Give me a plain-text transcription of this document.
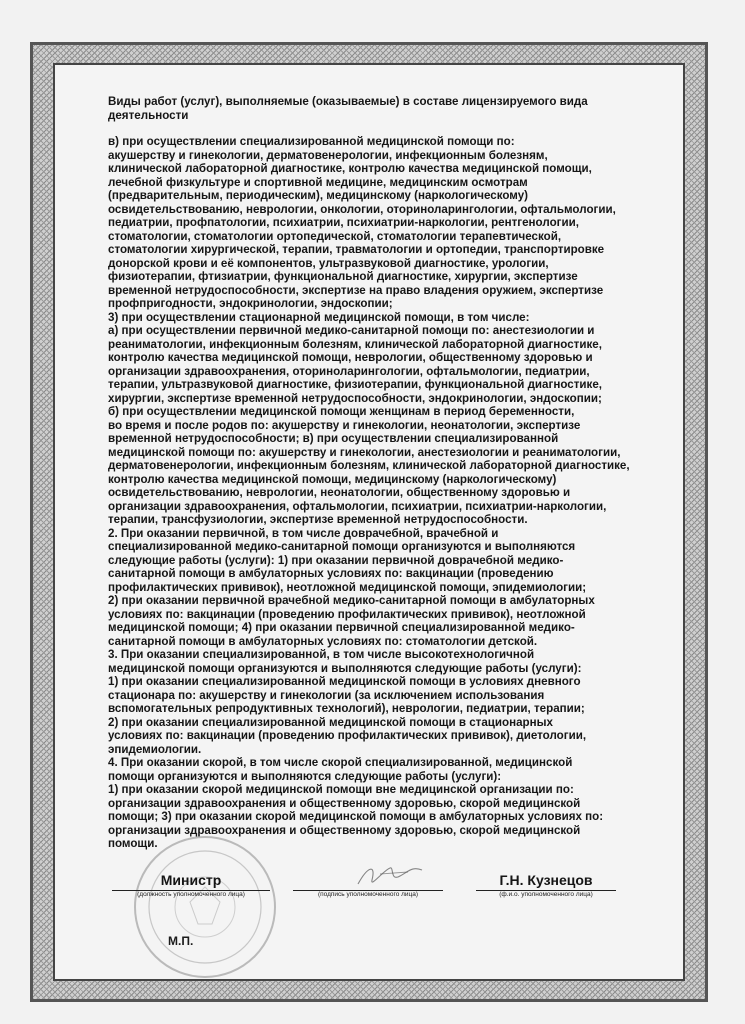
Виды работ (услуг), выполняемые (оказываемые) в составе лицензируемого вида
деятельности
в) при осуществлении специализированной медицинской помощи по:
акушерству и гинекологии, дерматовенерологии, инфекционным болезням,
клинической лабораторной диагностике, контролю качества медицинской помощи,
лечебной физкультуре и спортивной медицине, медицинским осмотрам
(предварительным, периодическим), медицинскому (наркологическому)
освидетельствованию, неврологии, онкологии, оториноларингологии, офтальмологии,
педиатрии, профпатологии, психиатрии, психиатрии-наркологии, рентгенологии,
стоматологии, стоматологии ортопедической, стоматологии терапевтической,
стоматологии хирургической, терапии, травматологии и ортопедии, транспортировке
донорской крови и её компонентов, ультразвуковой диагностике, урологии,
физиотерапии, фтизиатрии, функциональной диагностике, хирургии, экспертизе
временной нетрудоспособности, экспертизе на право владения оружием, экспертизе
профпригодности, эндокринологии, эндоскопии;
3) при осуществлении стационарной медицинской помощи, в том числе:
а) при осуществлении первичной медико-санитарной помощи по: анестезиологии и
реаниматологии, инфекционным болезням, клинической лабораторной диагностике,
контролю качества медицинской помощи, неврологии, общественному здоровью и
организации здравоохранения, оториноларингологии, офтальмологии, педиатрии,
терапии, ультразвуковой диагностике, физиотерапии, функциональной диагностике,
хирургии, экспертизе временной нетрудоспособности, эндокринологии, эндоскопии;
б) при осуществлении медицинской помощи женщинам в период беременности,
во время и после родов по: акушерству и гинекологии, неонатологии, экспертизе
временной нетрудоспособности; в) при осуществлении специализированной
медицинской помощи по: акушерству и гинекологии, анестезиологии и реаниматологии,
дерматовенерологии, инфекционным болезням, клинической лабораторной диагностике,
контролю качества медицинской помощи, медицинскому (наркологическому)
освидетельствованию, неврологии, неонатологии, общественному здоровью и
организации здравоохранения, офтальмологии, психиатрии, психиатрии-наркологии,
терапии, трансфузиологии, экспертизе временной нетрудоспособности.
2. При оказании первичной, в том числе доврачебной, врачебной и
специализированной медико-санитарной помощи организуются и выполняются
следующие работы (услуги): 1) при оказании первичной доврачебной медико-
санитарной помощи в амбулаторных условиях по: вакцинации (проведению
профилактических прививок), неотложной медицинской помощи, эпидемиологии;
2) при оказании первичной врачебной медико-санитарной помощи в амбулаторных
условиях по: вакцинации (проведению профилактических прививок), неотложной
медицинской помощи; 4) при оказании первичной специализированной медико-
санитарной помощи в амбулаторных условиях по: стоматологии детской.
3. При оказании специализированной, в том числе высокотехнологичной
медицинской помощи организуются и выполняются следующие работы (услуги):
1) при оказании специализированной медицинской помощи в условиях дневного
стационара по: акушерству и гинекологии (за исключением использования
вспомогательных репродуктивных технологий), неврологии, педиатрии, терапии;
2) при оказании специализированной медицинской помощи в стационарных
условиях по: вакцинации (проведению профилактических прививок), диетологии,
эпидемиологии.
4. При оказании скорой, в том числе скорой специализированной, медицинской
помощи организуются и выполняются следующие работы (услуги):
1) при оказании скорой медицинской помощи вне медицинской организации по:
организации здравоохранения и общественному здоровью, скорой медицинской
помощи; 3) при оказании скорой медицинской помощи в амбулаторных условиях по:
организации здравоохранения и общественному здоровью, скорой медицинской
помощи.
Министр
(должность уполномоченного лица)	(подпись уполномоченного лица)
Г.Н. Кузнецов
(ф.и.о. уполномоченного лица)
М.П.
